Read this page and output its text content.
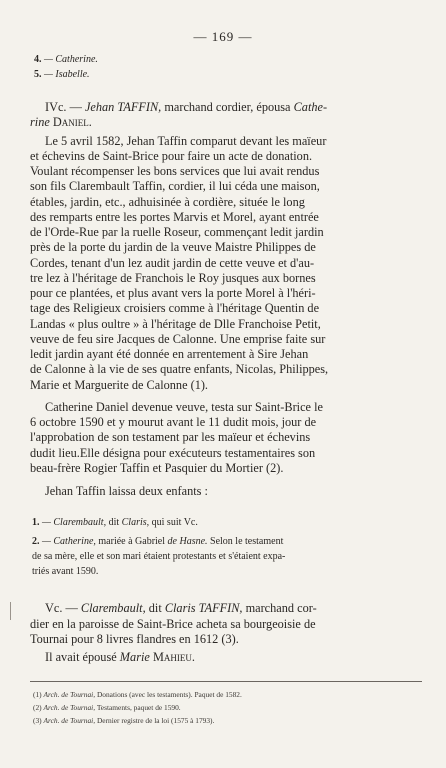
— 169 —
4. — Catherine.
5. — Isabelle.
IVc. — Jehan TAFFIN, marchand cordier, épousa Cathe-
rine Daniel.
Le 5 avril 1582, Jehan Taffin comparut devant les maïeur
et échevins de Saint-Brice pour faire un acte de donation.
Voulant récompenser les bons services que lui avait rendus
son fils Clarembault Taffin, cordier, il lui céda une maison,
étables, jardin, etc., adhuisinée à cordière, située le long
des remparts entre les portes Marvis et Morel, ayant entrée
de l'Orde-Rue par la ruelle Roseur, commençant ledit jardin
près de la porte du jardin de la veuve Maistre Philippes de
Cordes, tenant d'un lez audit jardin de cette veuve et d'au-
tre lez à l'héritage de Franchois le Roy jusques aux bornes
pour ce plantées, et plus avant vers la porte Morel à l'héri-
tage des Religieux croisiers comme à l'héritage Quentin de
Landas « plus oultre » à l'héritage de Dlle Franchoise Petit,
veuve de feu sire Jacques de Calonne. Une emprise faite sur
ledit jardin ayant été donnée en arrentement à Sire Jehan
de Calonne à la vie de ses quatre enfants, Nicolas, Philippes,
Marie et Marguerite de Calonne (1).
Catherine Daniel devenue veuve, testa sur Saint-Brice le
6 octobre 1590 et y mourut avant le 11 dudit mois, jour de
l'approbation de son testament par les maïeur et échevins
dudit lieu.Elle désigna pour exécuteurs testamentaires son
beau-frère Rogier Taffin et Pasquier du Mortier (2).
Jehan Taffin laissa deux enfants :
1. — Clarembault, dit Claris, qui suit Vc.
2. — Catherine, mariée à Gabriel de Hasne. Selon le testament
de sa mère, elle et son mari étaient protestants et s'étaient expa-
triés avant 1590.
Vc. — Clarembault, dit Claris TAFFIN, marchand cor-
dier en la paroisse de Saint-Brice acheta sa bourgeoisie de
Tournai pour 8 livres flandres en 1612 (3).
Il avait épousé Marie Mahieu.
(1) Arch. de Tournai, Donations (avec les testaments). Paquet de 1582.
(2) Arch. de Tournai, Testaments, paquet de 1590.
(3) Arch. de Tournai, Dernier registre de la loi (1575 à 1793).
